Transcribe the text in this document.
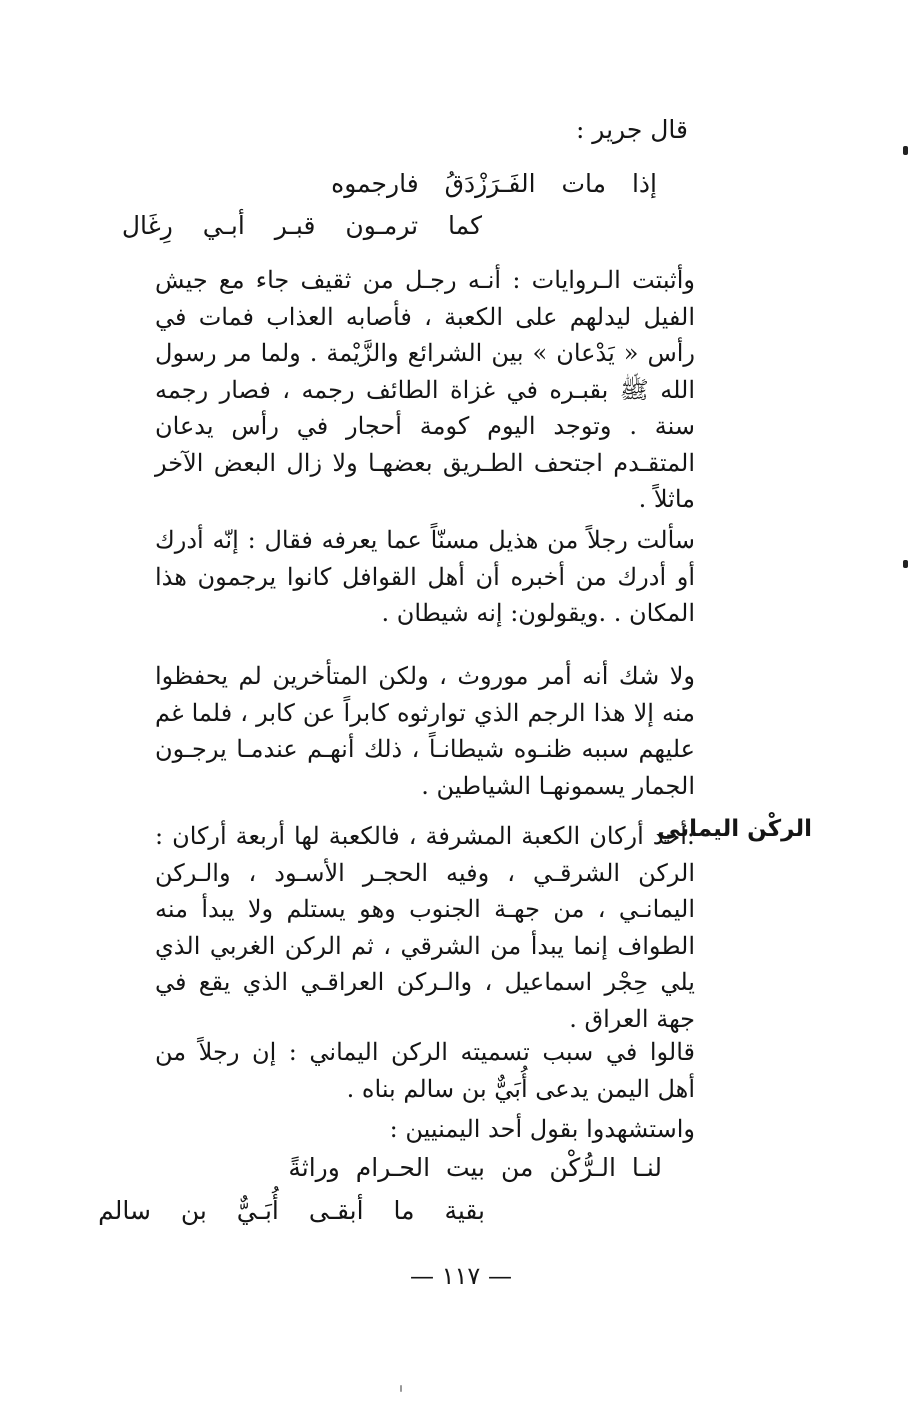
قال جرير :
إذا مات الفَـرَزْدَقُ فارجموه
كما ترمـون قبـر أبـي رِغَال
وأثبتت الـروايات : أنـه رجـل من ثقيف جاء مع جيش الفيل ليدلهم على الكعبة ، فأصابه العذاب فمات في رأس « يَدْعان » بين الشرائع والزَّيْمة . ولما مر رسول الله ﷺ بقبـره في غزاة الطائف رجمه ، فصار رجمه سنة . وتوجد اليوم كومة أحجار في رأس يدعان المتقـدم اجتحف الطـريق بعضهـا ولا زال البعض الآخر ماثلاً .
سألت رجلاً من هذيل مسنّاً عما يعرفه فقال : إنّه أدرك أو أدرك من أخبره أن أهل القوافل كانوا يرجمون هذا المكان . .ويقولون: إنه شيطان .
ولا شك أنه أمر موروث ، ولكن المتأخرين لم يحفظوا منه إلا هذا الرجم الذي توارثوه كابراً عن كابر ، فلما غم عليهم سببه ظنـوه شيطانـاً ، ذلك أنهـم عندمـا يرجـون الجمار يسمونهـا الشياطين .
الركْن اليماني
:أحد أركان الكعبة المشرفة ، فالكعبة لها أربعة أركان : الركن الشرقـي ، وفيه الحجـر الأسـود ، والـركن اليمانـي ، من جهـة الجنوب وهو يستلم ولا يبدأ منه الطواف إنما يبدأ من الشرقي ، ثم الركن الغربي الذي يلي حِجْر اسماعيل ، والـركن العراقـي الذي يقع في جهة العراق .
قالوا في سبب تسميته الركن اليماني : إن رجلاً من أهل اليمن يدعى أُبَيٌّ بن سالم بناه .
واستشهدوا بقول أحد اليمنيين :
لنـا الـرُّكْن من بيت الحـرام وراثةً
بقية ما أبقـى أُبَـيٌّ بن سالم
— ١١٧ —
